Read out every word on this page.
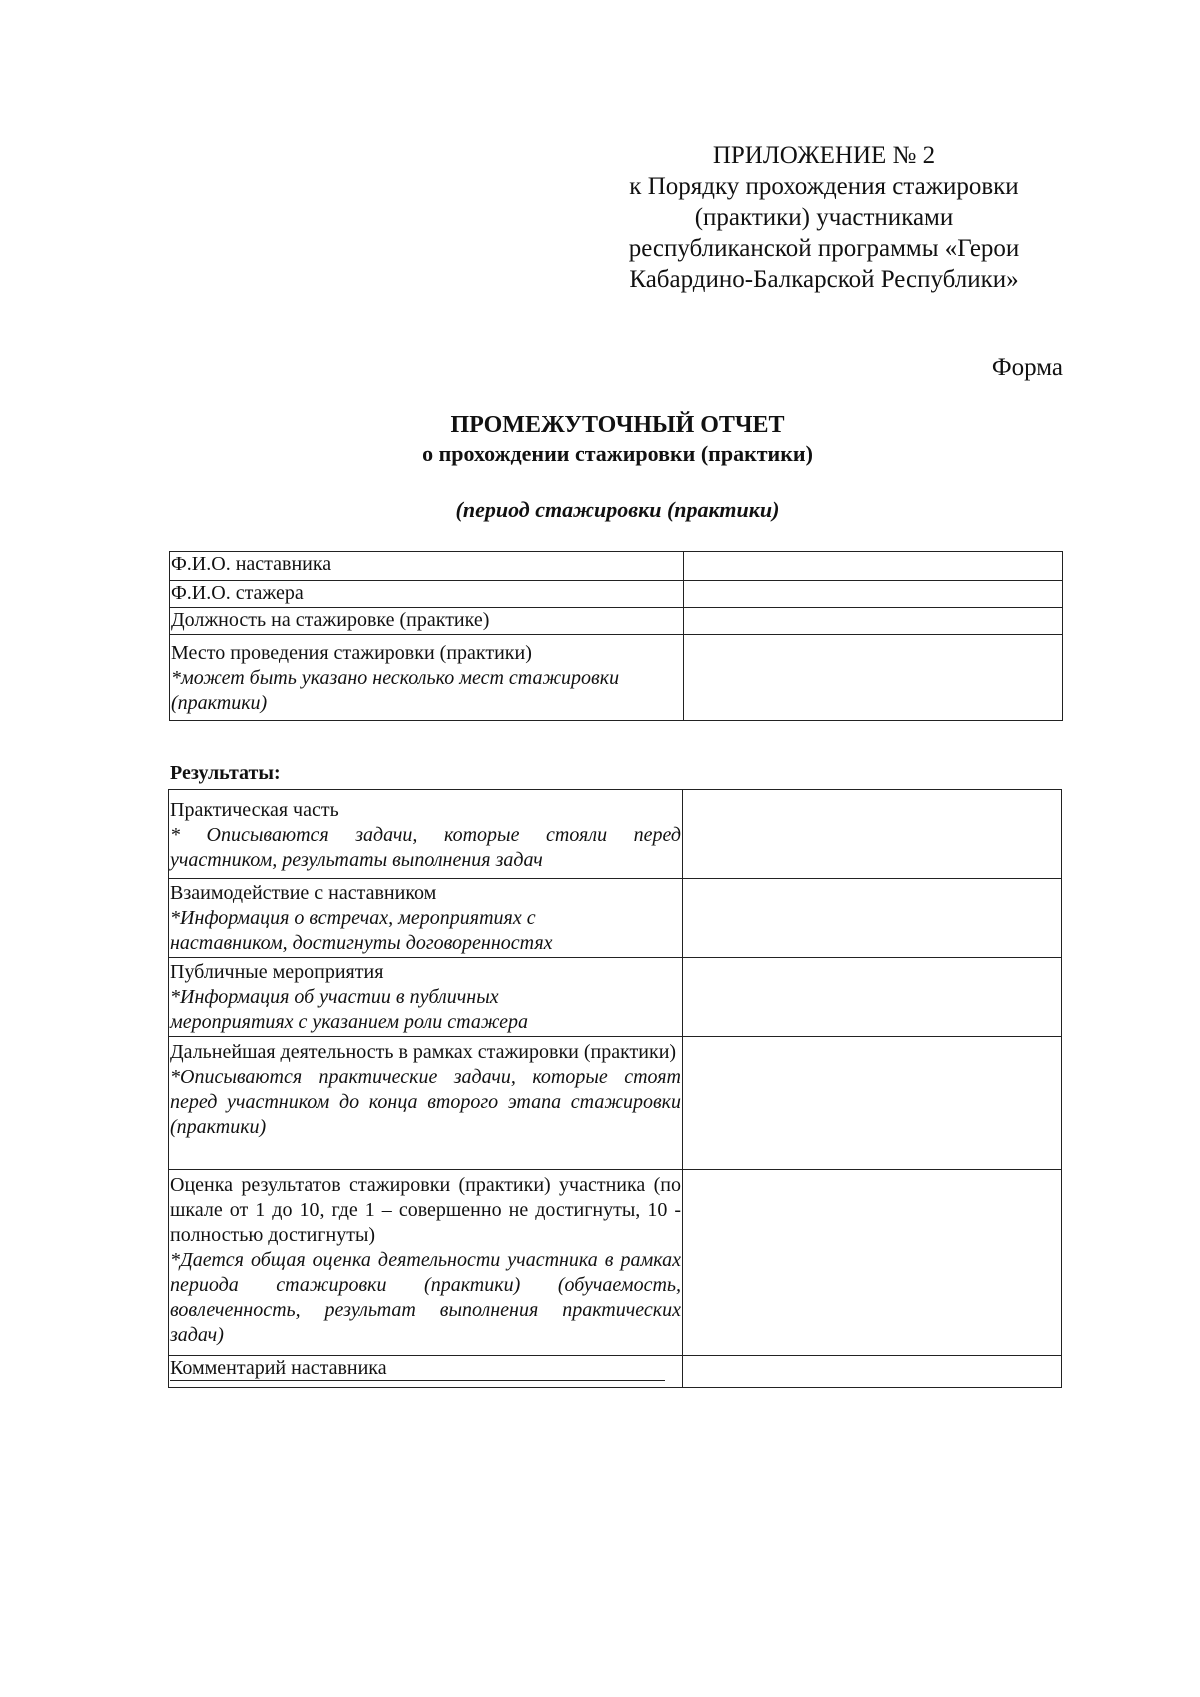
ПРИЛОЖЕНИЕ № 2
к Порядку прохождения стажировки
(практики) участниками
республиканской программы «Герои
Кабардино-Балкарской Республики»
Форма
ПРОМЕЖУТОЧНЫЙ ОТЧЕТ
о прохождении стажировки (практики)
(период стажировки (практики)
Ф.И.О. наставника	
Ф.И.О. стажера	
Должность на стажировке (практике)	

Место проведения стажировки (практики)
*может быть указано несколько мест стажировки (практики)	

Результаты:
Практическая часть
* Описываются задачи, которые стояли перед участником, результаты выполнения задач	

Взаимодействие с наставником
*Информация о встречах, мероприятиях с наставником, достигнуты договоренностях	

Публичные мероприятия
*Информация об участии в публичных мероприятиях с указанием роли стажера	

Дальнейшая деятельность в рамках стажировки (практики)
*Описываются практические задачи, которые стоят перед участником до конца второго этапа стажировки (практики)	

Оценка результатов стажировки (практики) участника (по шкале от 1 до 10, где 1 – совершенно не достигнуты, 10 - полностью достигнуты)
*Дается общая оценка деятельности участника в рамках периода стажировки (практики) (обучаемость, вовлеченность, результат выполнения практических задач)	

Комментарий наставника	
